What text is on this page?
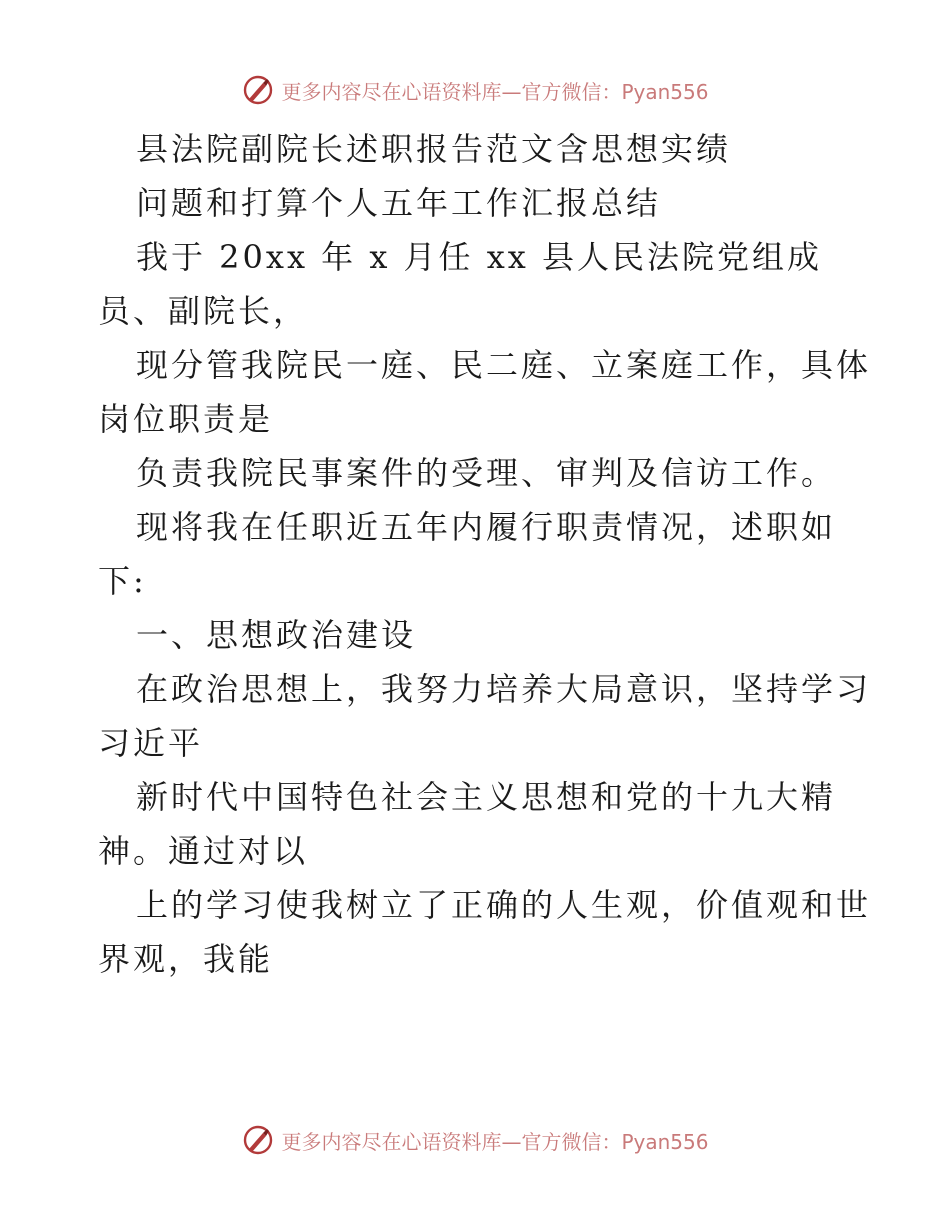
更多内容尽在心语资料库—官方微信：Pyan556
县法院副院长述职报告范文含思想实绩
问题和打算个人五年工作汇报总结
我于 20xx 年 x 月任 xx 县人民法院党组成
员、副院长，
现分管我院民一庭、民二庭、立案庭工作，具体
岗位职责是
负责我院民事案件的受理、审判及信访工作。
现将我在任职近五年内履行职责情况，述职如
下:
一、思想政治建设
在政治思想上，我努力培养大局意识，坚持学习
习近平
新时代中国特色社会主义思想和党的十九大精
神。通过对以
上的学习使我树立了正确的人生观，价值观和世
界观，我能
更多内容尽在心语资料库—官方微信：Pyan556
